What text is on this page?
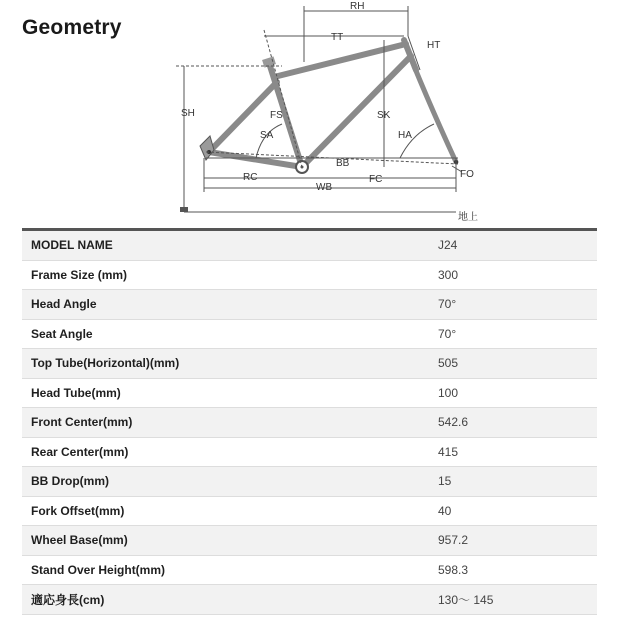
Geometry
RH
TT
HT
SH	FS
SA
SK
HA
BB
RC	FC
WB
FO
地上
MODEL NAME	J24
Frame Size (mm)	300
Head Angle	70°
Seat Angle	70°
Top Tube(Horizontal)(mm)	505
Head Tube(mm)	100
Front Center(mm)	542.6
Rear Center(mm)	415
BB Drop(mm)	15
Fork Offset(mm)	40
Wheel Base(mm)	957.2
Stand Over Height(mm)	598.3
適応身長(cm)	130～ 145
